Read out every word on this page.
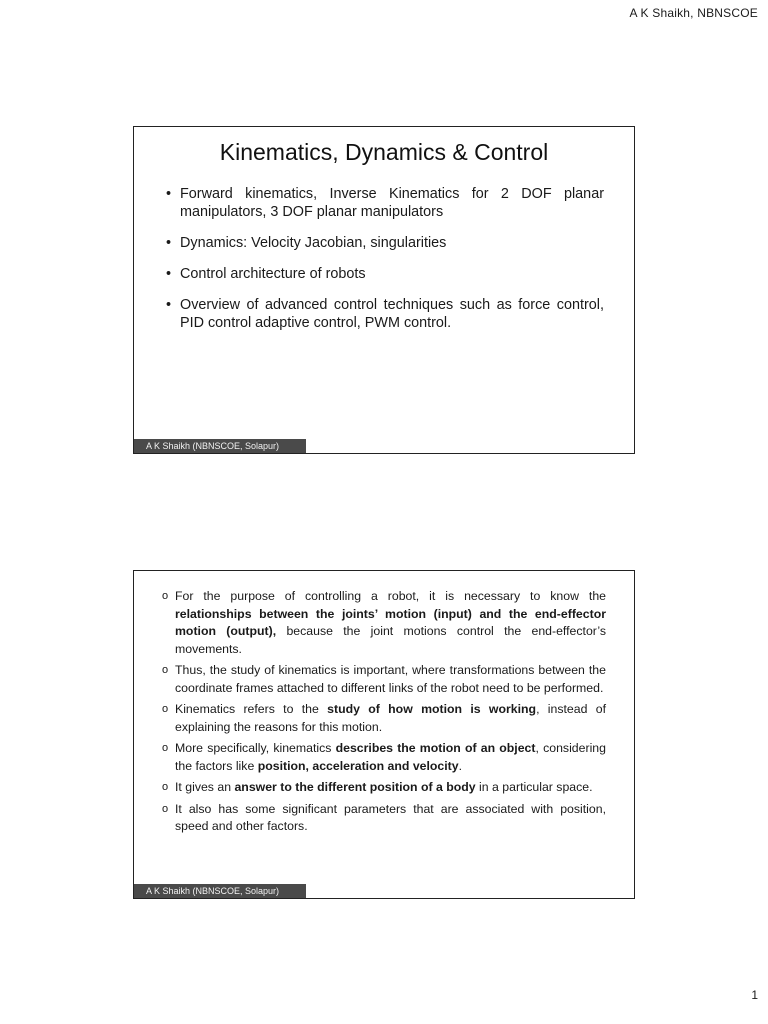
A K Shaikh, NBNSCOE
Kinematics, Dynamics & Control
• Forward kinematics, Inverse Kinematics for 2 DOF planar manipulators, 3 DOF planar manipulators
• Dynamics: Velocity Jacobian, singularities
• Control architecture of robots
• Overview of advanced control techniques such as force control, PID control adaptive control, PWM control.
A K Shaikh (NBNSCOE, Solapur)
o For the purpose of controlling a robot, it is necessary to know the relationships between the joints’ motion (input) and the end-effector motion (output), because the joint motions control the end-effector’s movements.
o Thus, the study of kinematics is important, where transformations between the coordinate frames attached to different links of the robot need to be performed.
o Kinematics refers to the study of how motion is working, instead of explaining the reasons for this motion.
o More specifically, kinematics describes the motion of an object, considering the factors like position, acceleration and velocity.
o It gives an answer to the different position of a body in a particular space.
o It also has some significant parameters that are associated with position, speed and other factors.
A K Shaikh (NBNSCOE, Solapur)
1
